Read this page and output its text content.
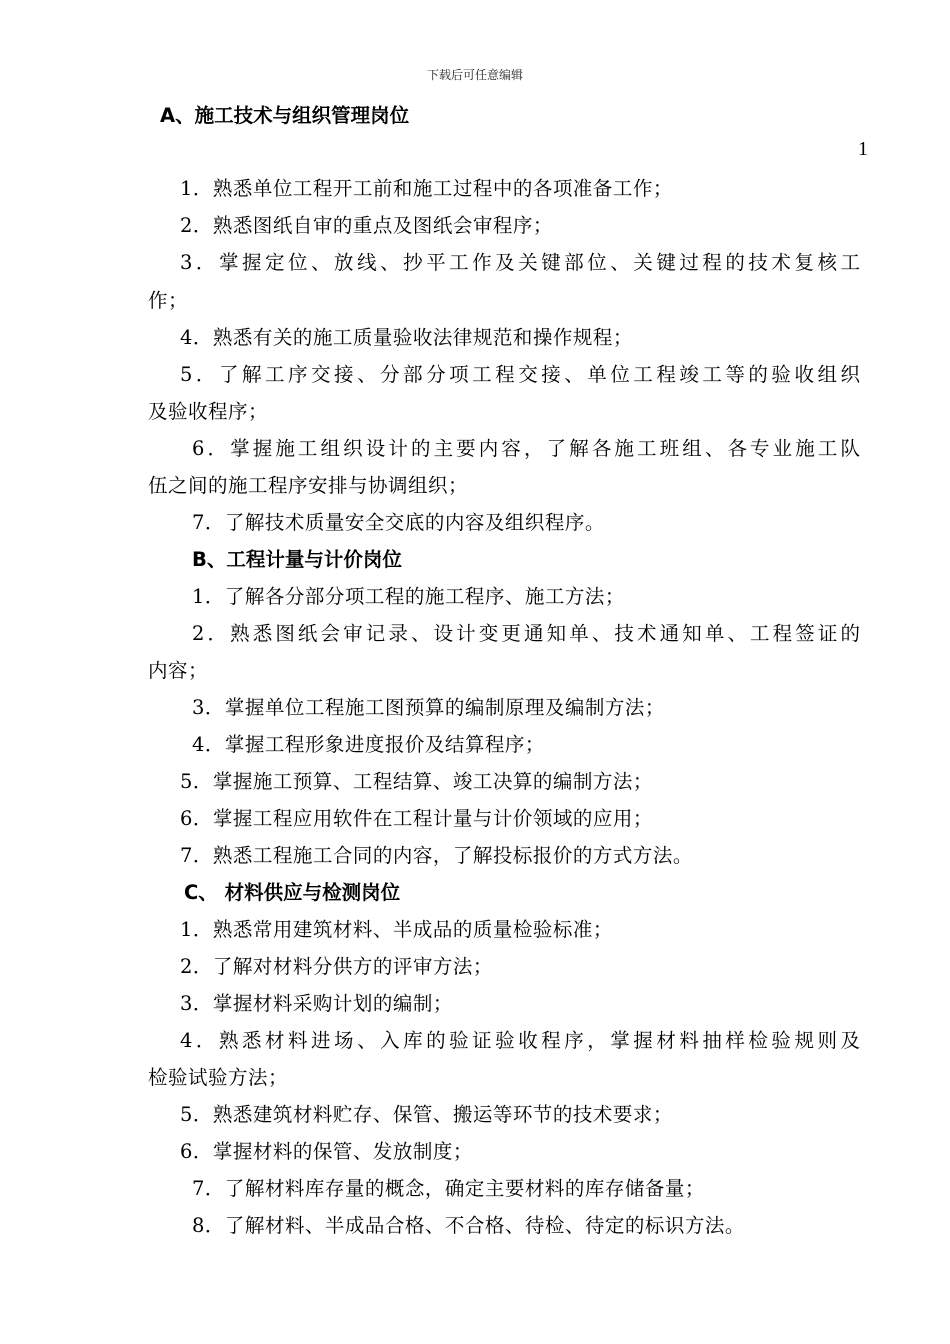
下载后可任意编辑
1
A、施工技术与组织管理岗位
1．熟悉单位工程开工前和施工过程中的各项准备工作；
2．熟悉图纸自审的重点及图纸会审程序；
3．掌握定位、放线、抄平工作及关键部位、关键过程的技术复核工
作；
4．熟悉有关的施工质量验收法律规范和操作规程；
5．了解工序交接、分部分项工程交接、单位工程竣工等的验收组织
及验收程序；
6．掌握施工组织设计的主要内容，了解各施工班组、各专业施工队
伍之间的施工程序安排与协调组织；
7．了解技术质量安全交底的内容及组织程序。
B、工程计量与计价岗位
1．了解各分部分项工程的施工程序、施工方法；
2．熟悉图纸会审记录、设计变更通知单、技术通知单、工程签证的
内容；
3．掌握单位工程施工图预算的编制原理及编制方法；
4．掌握工程形象进度报价及结算程序；
5．掌握施工预算、工程结算、竣工决算的编制方法；
6．掌握工程应用软件在工程计量与计价领域的应用；
7．熟悉工程施工合同的内容，了解投标报价的方式方法。
C、 材料供应与检测岗位
1．熟悉常用建筑材料、半成品的质量检验标准；
2．了解对材料分供方的评审方法；
3．掌握材料采购计划的编制；
4．熟悉材料进场、入库的验证验收程序，掌握材料抽样检验规则及
检验试验方法；
5．熟悉建筑材料贮存、保管、搬运等环节的技术要求；
6．掌握材料的保管、发放制度；
7．了解材料库存量的概念，确定主要材料的库存储备量；
8．了解材料、半成品合格、不合格、待检、待定的标识方法。
